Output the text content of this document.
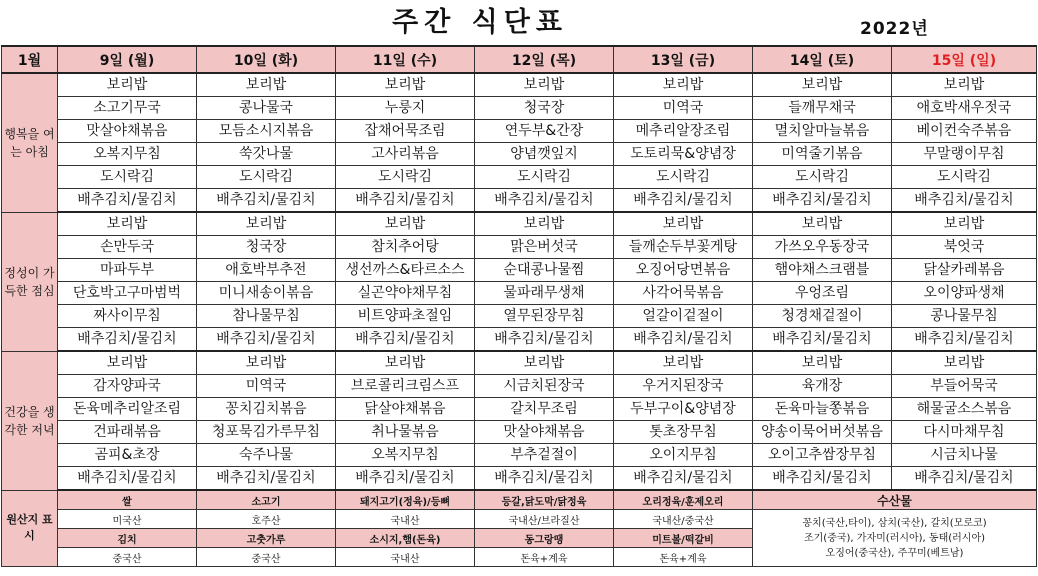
주간 식단표	2022년
1월	9일 (월)	10일 (화)	11일 (수)	12일 (목)	13일 (금)	14일 (토)	15일 (일)
행복을 여는 아침	보리밥	보리밥	보리밥	보리밥	보리밥	보리밥	보리밥
	소고기무국	콩나물국	누룽지	청국장	미역국	들깨무채국	애호박새우젓국
	맛살야채볶음	모듬소시지볶음	잡채어묵조림	연두부&간장	메추리알장조림	멸치알마늘볶음	베이컨숙주볶음
	오복지무침	쑥갓나물	고사리볶음	양념깻잎지	도토리묵&양념장	미역줄기볶음	무말랭이무침
	도시락김	도시락김	도시락김	도시락김	도시락김	도시락김	도시락김
	배추김치/물김치	배추김치/물김치	배추김치/물김치	배추김치/물김치	배추김치/물김치	배추김치/물김치	배추김치/물김치
정성이 가득한 점심	보리밥	보리밥	보리밥	보리밥	보리밥	보리밥	보리밥
	손만두국	청국장	참치추어탕	맑은버섯국	들깨순두부꽃게탕	가쓰오우동장국	북엇국
	마파두부	애호박부추전	생선까스&타르소스	순대콩나물찜	오징어당면볶음	햄야채스크램블	닭살카레볶음
	단호박고구마범벅	미니새송이볶음	실곤약야채무침	물파래무생채	사각어묵볶음	우엉조림	오이양파생채
	짜사이무침	참나물무침	비트양파초절임	열무된장무침	얼갈이겉절이	청경채겉절이	콩나물무침
	배추김치/물김치	배추김치/물김치	배추김치/물김치	배추김치/물김치	배추김치/물김치	배추김치/물김치	배추김치/물김치
건강을 생각한 저녁	보리밥	보리밥	보리밥	보리밥	보리밥	보리밥	보리밥
	감자양파국	미역국	브로콜리크림스프	시금치된장국	우거지된장국	육개장	부들어묵국
	돈육메추리알조림	꽁치김치볶음	닭살야채볶음	갈치무조림	두부구이&양념장	돈육마늘쫑볶음	해물굴소스볶음
	건파래볶음	청포묵김가루무침	취나물볶음	맛살야채볶음	톳초장무침	양송이묵어버섯볶음	다시마채무침
	곰피&초장	숙주나물	오복지무침	부추겉절이	오이지무침	오이고추쌈장무침	시금치나물
	배추김치/물김치	배추김치/물김치	배추김치/물김치	배추김치/물김치	배추김치/물김치	배추김치/물김치	배추김치/물김치
원산지 표시	쌀	소고기	돼지고기(정육)/등뼈	등갈,닭도막/닭정육	오리정육/훈제오리	수산물	
	미국산	호주산	국내산	국내산/브라질산	국내산/중국산	꽁치(국산,타이), 삼치(국산), 갈치(모로코)
조기(중국), 가자미(러시아), 동태(러시아)
오징어(중국산), 주꾸미(베트남)	

	김치	고춧가루	소시지,햄(돈육)	동그랑땡	미트볼/떡갈비		
	중국산	중국산	국내산	돈육+계육	돈육+계육		
